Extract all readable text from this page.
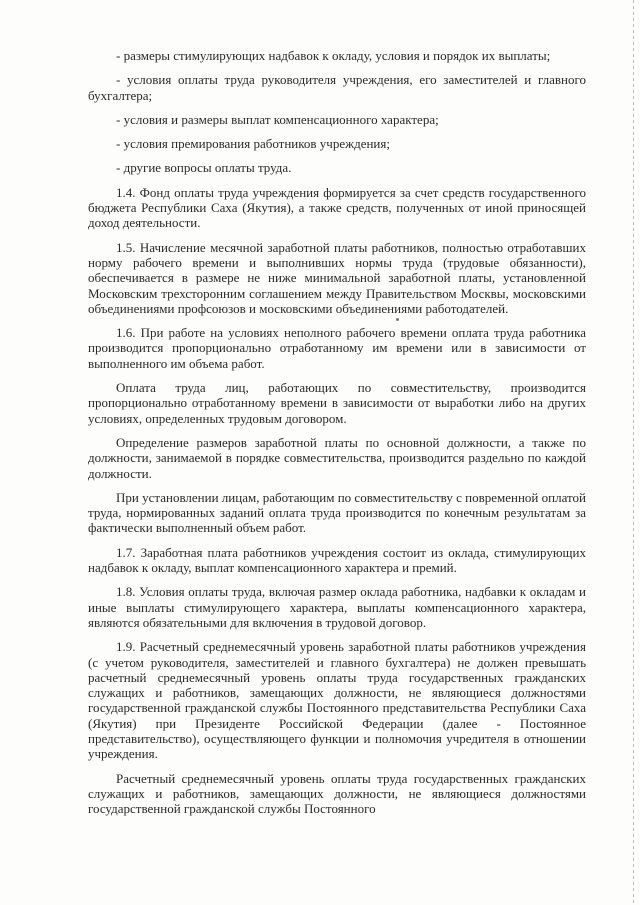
- размеры стимулирующих надбавок к окладу, условия и порядок их выплаты;

- условия оплаты труда руководителя учреждения, его заместителей и главного бухгалтера;

- условия и размеры выплат компенсационного характера;

- условия премирования работников учреждения;

- другие вопросы оплаты труда.

1.4. Фонд оплаты труда учреждения формируется за счет средств государственного бюджета Республики Саха (Якутия), а также средств, полученных от иной приносящей доход деятельности.

1.5. Начисление месячной заработной платы работников, полностью отработавших норму рабочего времени и выполнивших нормы труда (трудовые обязанности), обеспечивается в размере не ниже минимальной заработной платы, установленной Московским трехсторонним соглашением между Правительством Москвы, московскими объединениями профсоюзов и московскими объединениями работодателей.

1.6. При работе на условиях неполного рабочего времени оплата труда работника производится пропорционально отработанному им времени или в зависимости от выполненного им объема работ.

Оплата труда лиц, работающих по совместительству, производится пропорционально отработанному времени в зависимости от выработки либо на других условиях, определенных трудовым договором.

Определение размеров заработной платы по основной должности, а также по должности, занимаемой в порядке совместительства, производится раздельно по каждой должности.

При установлении лицам, работающим по совместительству с повременной оплатой труда, нормированных заданий оплата труда производится по конечным результатам за фактически выполненный объем работ.

1.7. Заработная плата работников учреждения состоит из оклада, стимулирующих надбавок к окладу, выплат компенсационного характера и премий.

1.8. Условия оплаты труда, включая размер оклада работника, надбавки к окладам и иные выплаты стимулирующего характера, выплаты компенсационного характера, являются обязательными для включения в трудовой договор.

1.9. Расчетный среднемесячный уровень заработной платы работников учреждения (с учетом руководителя, заместителей и главного бухгалтера) не должен превышать расчетный среднемесячный уровень оплаты труда государственных гражданских служащих и работников, замещающих должности, не являющиеся должностями государственной гражданской службы Постоянного представительства Республики Саха (Якутия) при Президенте Российской Федерации (далее - Постоянное представительство), осуществляющего функции и полномочия учредителя в отношении учреждения.

Расчетный среднемесячный уровень оплаты труда государственных гражданских служащих и работников, замещающих должности, не являющиеся должностями государственной гражданской службы Постоянного
